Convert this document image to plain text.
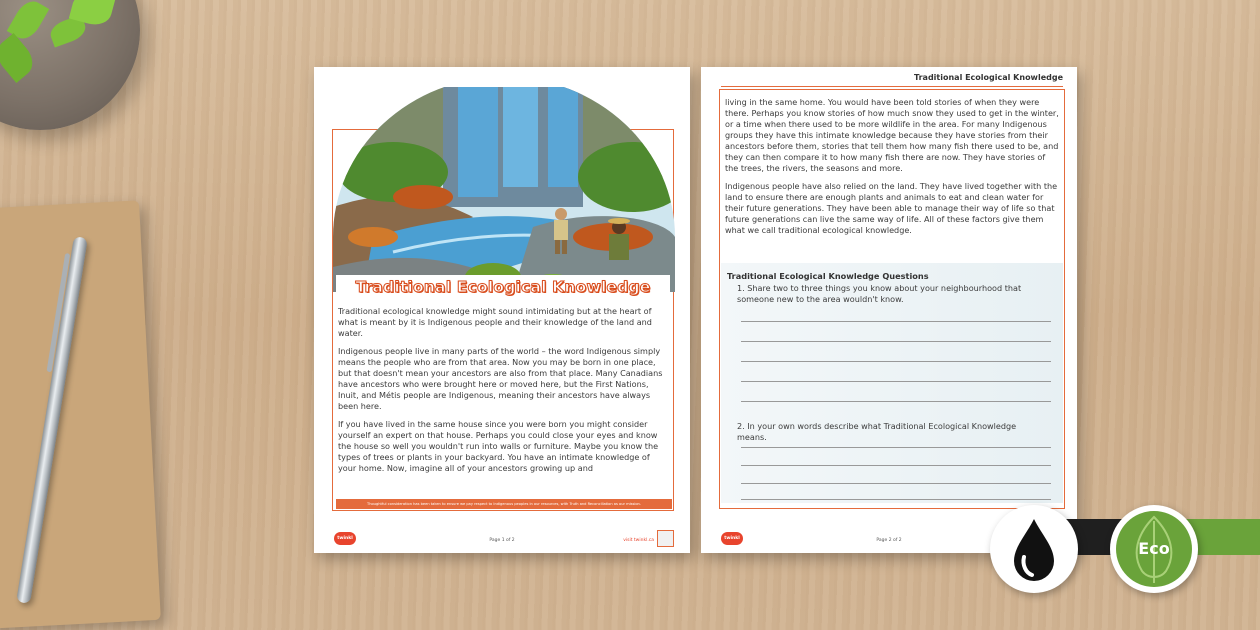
Traditional Ecological Knowledge

Traditional ecological knowledge might sound intimidating but at the heart of what is meant by it is Indigenous people and their knowledge of the land and water.

Indigenous people live in many parts of the world – the word Indigenous simply means the people who are from that area. Now you may be born in one place, but that doesn't mean your ancestors are also from that place. Many Canadians have ancestors who were brought here or moved here, but the First Nations, Inuit, and Métis people are Indigenous, meaning their ancestors have always been here.

If you have lived in the same house since you were born you might consider yourself an expert on that house. Perhaps you could close your eyes and know the house so well you wouldn't run into walls or furniture. Maybe you know the types of trees or plants in your backyard. You have an intimate knowledge of your home. Now, imagine all of your ancestors growing up and

Thoughtful consideration has been taken to ensure we pay respect to Indigenous peoples in our resources, with Truth and Reconciliation as our mission.
twinkl	Page 1 of 2	visit twinkl.ca
Traditional Ecological Knowledge

living in the same home. You would have been told stories of when they were there. Perhaps you know stories of how much snow they used to get in the winter, or a time when there used to be more wildlife in the area. For many Indigenous groups they have this intimate knowledge because they have stories from their ancestors before them, stories that tell them how many fish there used to be, and they can then compare it to how many fish there are now. They have stories of the trees, the rivers, the seasons and more.

Indigenous people have also relied on the land. They have lived together with the land to ensure there are enough plants and animals to eat and clean water for their future generations. They have been able to manage their way of life so that future generations can live the same way of life. All of these factors give them what we call traditional ecological knowledge.

Traditional Ecological Knowledge Questions
1. Share two to three things you know about your neighbourhood that someone new to the area wouldn't know.
2. In your own words describe what Traditional Ecological Knowledge means.
twinkl	Page 2 of 2	Eco
